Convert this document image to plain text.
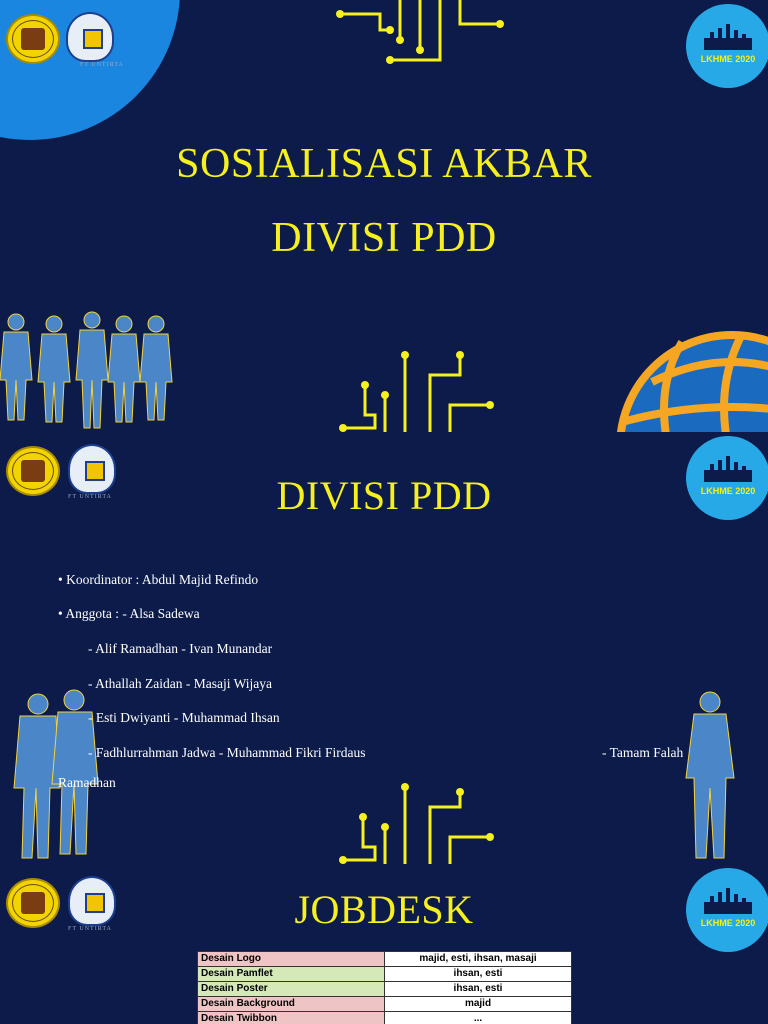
FT UNTIRTA
LKHME 2020
SOSIALISASI AKBAR
DIVISI PDD
FT UNTIRTA
LKHME 2020
DIVISI PDD
• Koordinator : Abdul Majid Refindo
• Anggota : - Alsa Sadewa
- Alif Ramadhan - Ivan Munandar
- Athallah Zaidan - Masaji Wijaya
- Esti Dwiyanti - Muhammad Ihsan
- Fadhlurrahman Jadwa - Muhammad Fikri Firdaus	- Tamam Falah
Ramadhan
FT UNTIRTA
LKHME 2020
JOBDESK
Desain Logo	majid, esti, ihsan, masaji
Desain Pamflet	ihsan, esti
Desain Poster	ihsan, esti
Desain Background	majid
Desain Twibbon	...
